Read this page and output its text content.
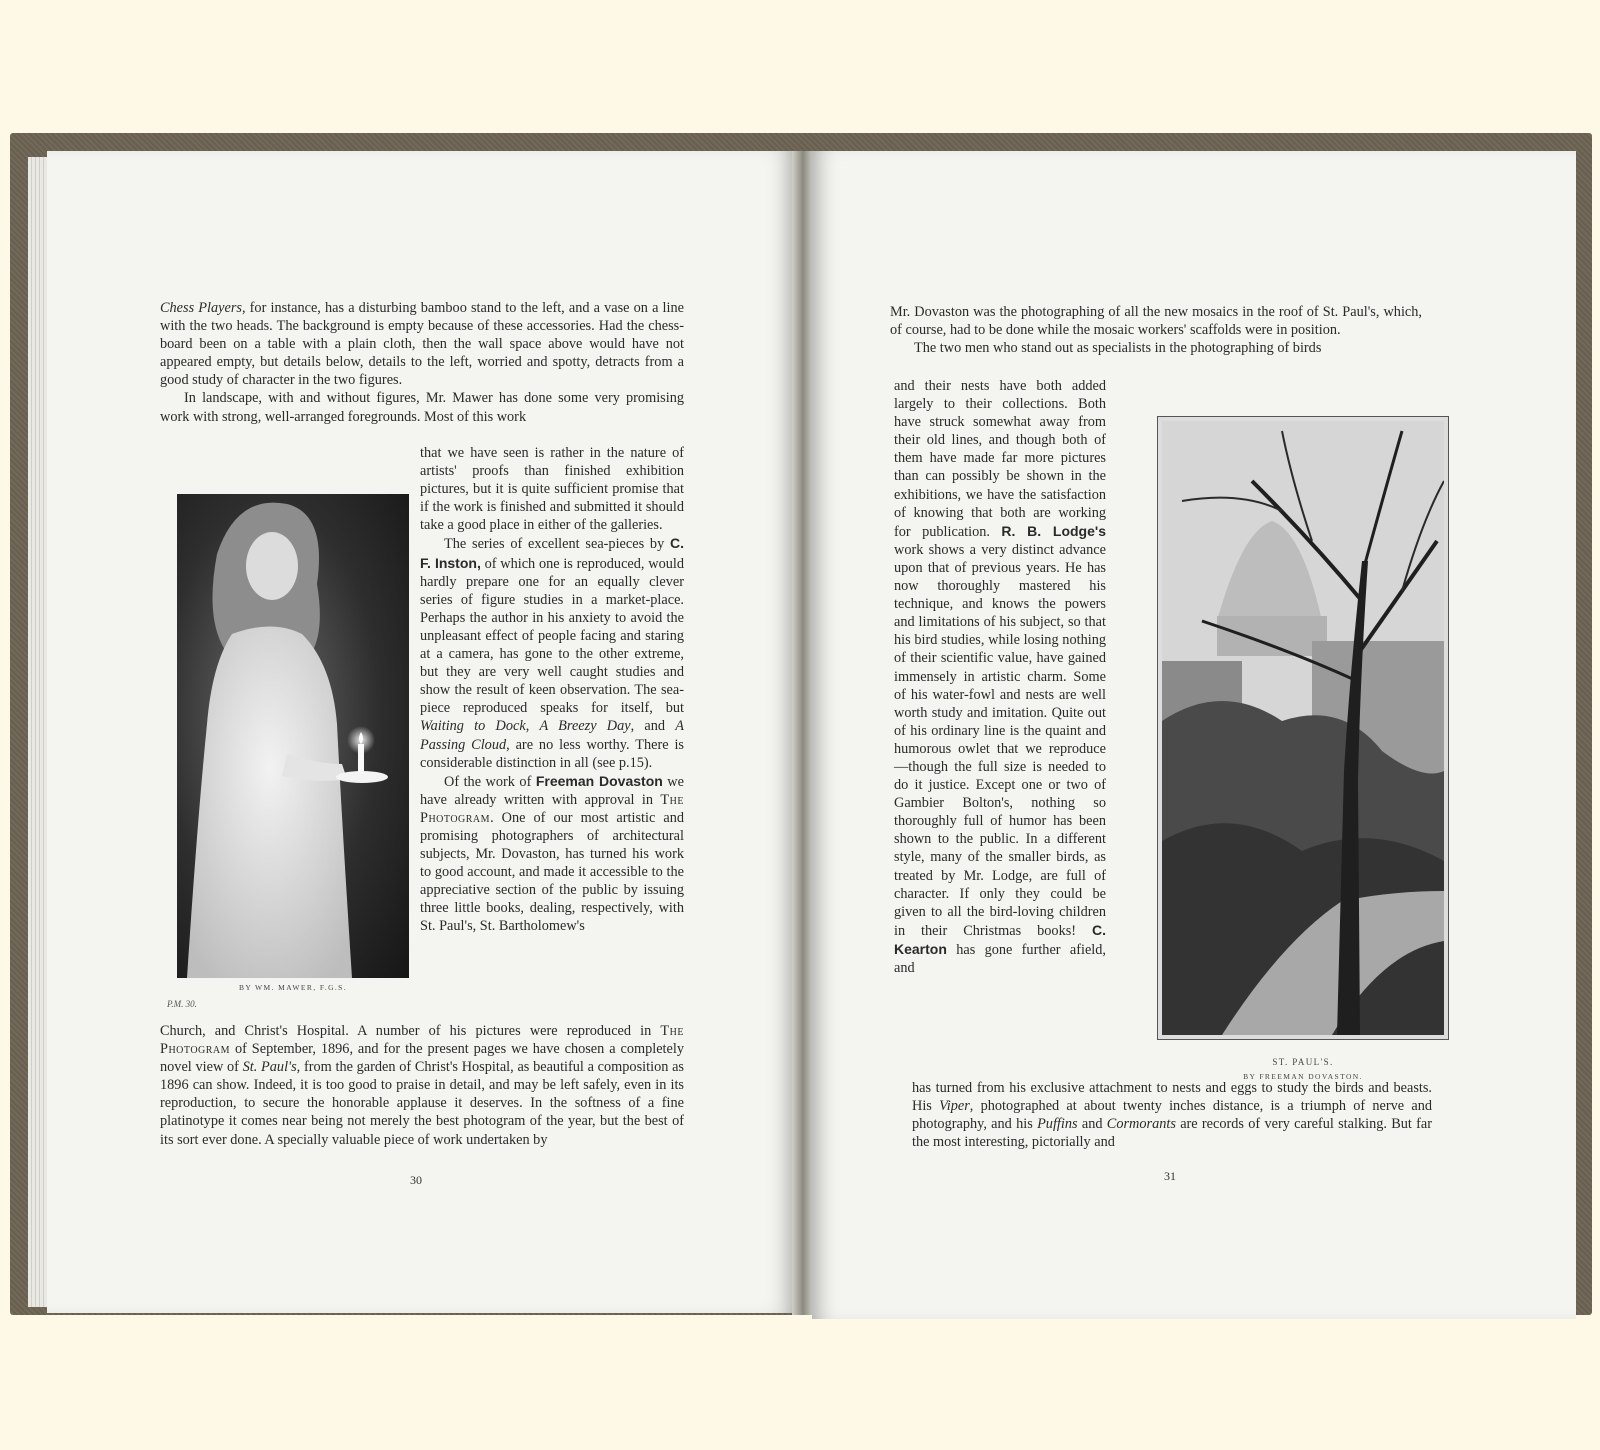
Chess Players, for instance, has a disturbing bamboo stand to the left, and a vase on a line with the two heads. The background is empty because of these accessories. Had the chess-board been on a table with a plain cloth, then the wall space above would have not appeared empty, but details below, details to the left, worried and spotty, detracts from a good study of character in the two figures.

In landscape, with and without figures, Mr. Mawer has done some very promising work with strong, well-arranged foregrounds. Most of this work

that we have seen is rather in the nature of artists' proofs than finished exhibition pictures, but it is quite sufficient promise that if the work is finished and submitted it should take a good place in either of the galleries.

The series of excellent sea-pieces by C. F. Inston, of which one is reproduced, would hardly prepare one for an equally clever series of figure studies in a market-place. Perhaps the author in his anxiety to avoid the unpleasant effect of people facing and staring at a camera, has gone to the other extreme, but they are very well caught studies and show the result of keen observation. The sea-piece reproduced speaks for itself, but Waiting to Dock, A Breezy Day, and A Passing Cloud, are no less worthy. There is considerable distinction in all (see p.15).

Of the work of Freeman Dovaston we have already written with approval in The Photogram. One of our most artistic and promising photographers of architectural subjects, Mr. Dovaston, has turned his work to good account, and made it accessible to the appreciative section of the public by issuing three little books, dealing, respectively, with St. Paul's, St. Bartholomew's

BY WM. MAWER, F.G.S.
P.M. 30.

Church, and Christ's Hospital. A number of his pictures were reproduced in The Photogram of September, 1896, and for the present pages we have chosen a completely novel view of St. Paul's, from the garden of Christ's Hospital, as beautiful a composition as 1896 can show. Indeed, it is too good to praise in detail, and may be left safely, even in its reproduction, to secure the honorable applause it deserves. In the softness of a fine platinotype it comes near being not merely the best photogram of the year, but the best of its sort ever done. A specially valuable piece of work undertaken by

30

Mr. Dovaston was the photographing of all the new mosaics in the roof of St. Paul's, which, of course, had to be done while the mosaic workers' scaffolds were in position.

The two men who stand out as specialists in the photographing of birds

and their nests have both added largely to their collections. Both have struck somewhat away from their old lines, and though both of them have made far more pictures than can possibly be shown in the exhibitions, we have the satisfaction of knowing that both are working for publication. R. B. Lodge's work shows a very distinct advance upon that of previous years. He has now thoroughly mastered his technique, and knows the powers and limitations of his subject, so that his bird studies, while losing nothing of their scientific value, have gained immensely in artistic charm. Some of his water-fowl and nests are well worth study and imitation. Quite out of his ordinary line is the quaint and humorous owlet that we reproduce—though the full size is needed to do it justice. Except one or two of Gambier Bolton's, nothing so thoroughly full of humor has been shown to the public. In a different style, many of the smaller birds, as treated by Mr. Lodge, are full of character. If only they could be given to all the bird-loving children in their Christmas books! C. Kearton has gone further afield, and

ST. PAUL'S.
BY FREEMAN DOVASTON.

has turned from his exclusive attachment to nests and eggs to study the birds and beasts. His Viper, photographed at about twenty inches distance, is a triumph of nerve and photography, and his Puffins and Cormorants are records of very careful stalking. But far the most interesting, pictorially and

31
